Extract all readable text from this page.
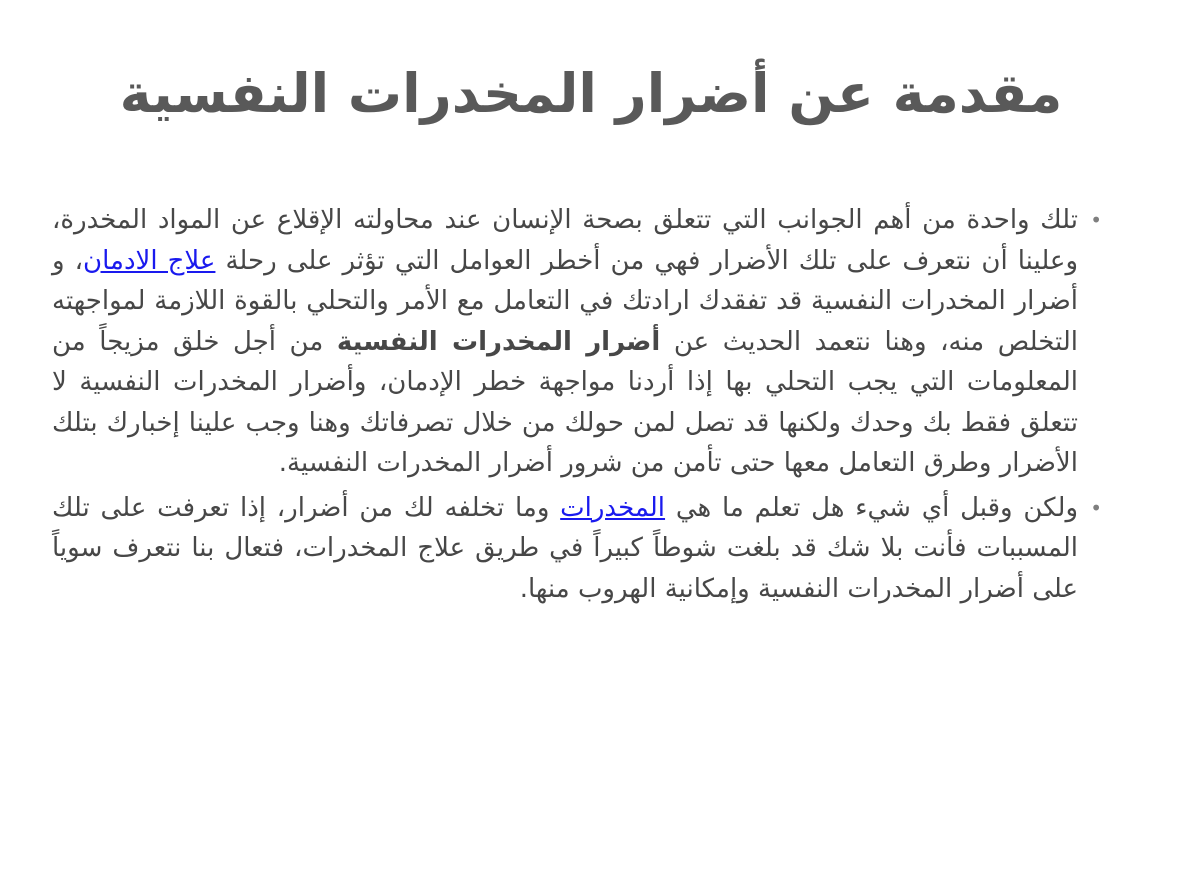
مقدمة عن أضرار المخدرات النفسية
•
تلك واحدة من أهم الجوانب التي تتعلق بصحة الإنسان عند محاولته الإقلاع عن المواد المخدرة، وعلينا أن نتعرف على تلك الأضرار فهي من أخطر العوامل التي تؤثر على رحلة علاج الادمان، و أضرار المخدرات النفسية قد تفقدك ارادتك في التعامل مع الأمر والتحلي بالقوة اللازمة لمواجهته التخلص منه، وهنا نتعمد الحديث عن أضرار المخدرات النفسية من أجل خلق مزيجاً من المعلومات التي يجب التحلي بها إذا أردنا مواجهة خطر الإدمان، وأضرار المخدرات النفسية لا تتعلق فقط بك وحدك ولكنها قد تصل لمن حولك من خلال تصرفاتك وهنا وجب علينا إخبارك بتلك الأضرار وطرق التعامل معها حتى تأمن من شرور أضرار المخدرات النفسية.
•
ولكن وقبل أي شيء هل تعلم ما هي المخدرات وما تخلفه لك من أضرار، إذا تعرفت على تلك المسببات فأنت بلا شك قد بلغت شوطاً كبيراً في طريق علاج المخدرات، فتعال بنا نتعرف سوياً على أضرار المخدرات النفسية وإمكانية الهروب منها.
